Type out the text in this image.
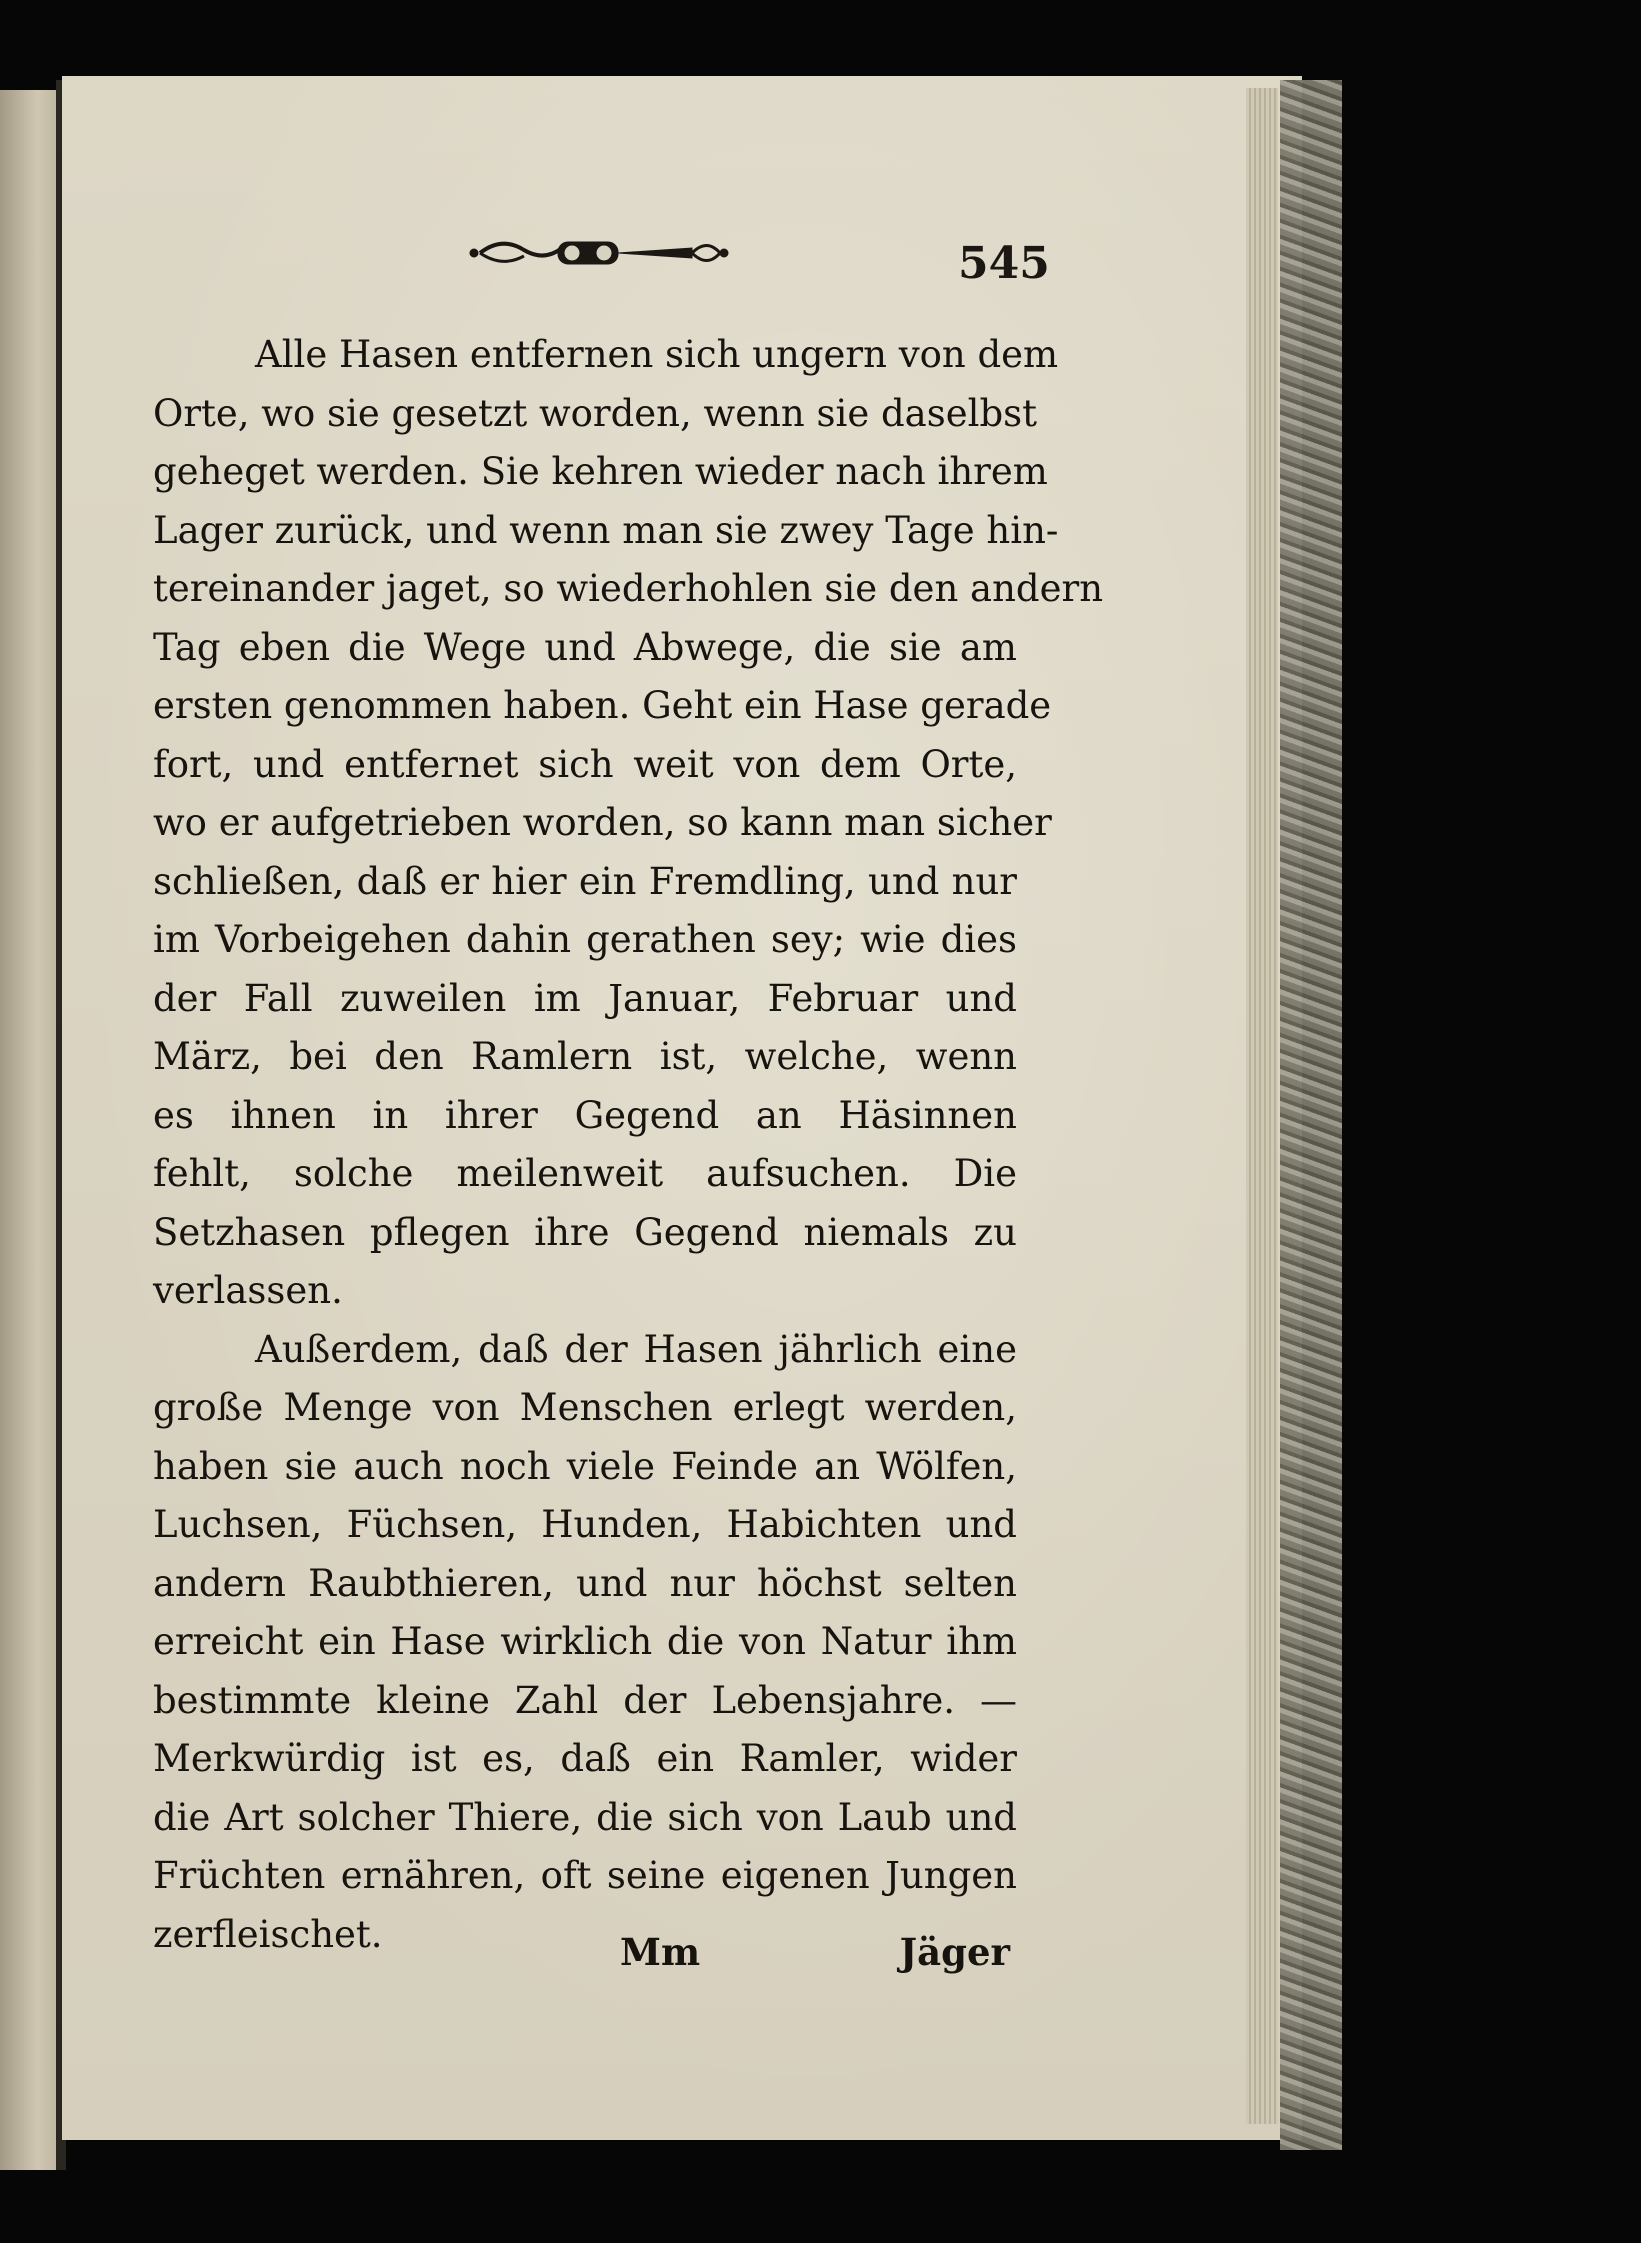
545
Alle Hasen entfernen sich ungern von dem
Orte, wo sie gesetzt worden, wenn sie daselbst
geheget werden. Sie kehren wieder nach ihrem
Lager zurück, und wenn man sie zwey Tage hin-
tereinander jaget, so wiederhohlen sie den andern
Tag eben die Wege und Abwege, die sie am
ersten genommen haben. Geht ein Hase gerade
fort, und entfernet sich weit von dem Orte,
wo er aufgetrieben worden, so kann man sicher
schließen, daß er hier ein Fremdling, und nur
im Vorbeigehen dahin gerathen sey; wie dies
der Fall zuweilen im Januar, Februar und
März, bei den Ramlern ist, welche, wenn
es ihnen in ihrer Gegend an Häsinnen
fehlt, solche meilenweit aufsuchen. Die
Setzhasen pflegen ihre Gegend niemals zu
verlassen.
Außerdem, daß der Hasen jährlich eine
große Menge von Menschen erlegt werden,
haben sie auch noch viele Feinde an Wölfen,
Luchsen, Füchsen, Hunden, Habichten und
andern Raubthieren, und nur höchst selten
erreicht ein Hase wirklich die von Natur ihm
bestimmte kleine Zahl der Lebensjahre. —
Merkwürdig ist es, daß ein Ramler, wider
die Art solcher Thiere, die sich von Laub und
Früchten ernähren, oft seine eigenen Jungen
zerfleischet.	Mm	Jäger
